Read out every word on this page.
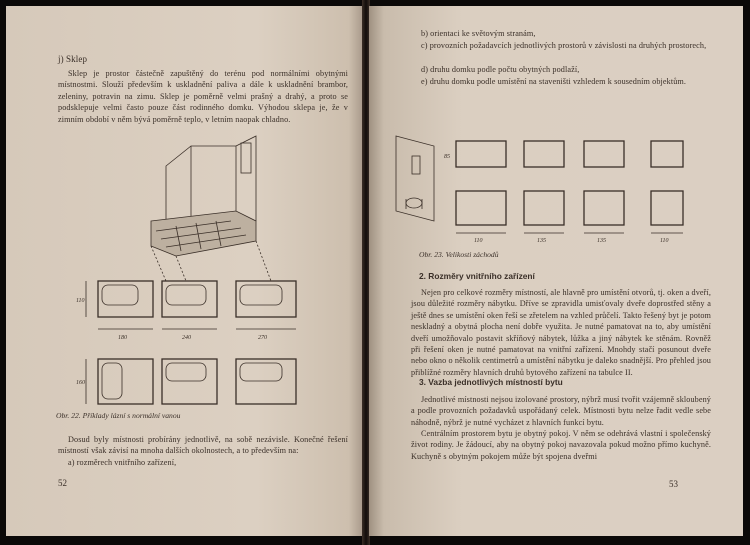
j) Sklep
Sklep je prostor částečně zapuštěný do terénu pod normálními obytnými místnostmi. Slouží především k uskladnění paliva a dále k uskladnění brambor, zeleniny, potravin na zimu. Sklep je poměrně velmi prašný a drahý, a proto se podsklepuje velmi často pouze část rodinného domku. Výhodou sklepa je, že v zimním období v něm bývá poměrně teplo, v letním naopak chladno.
180	240	270
110
160
Obr. 22. Příklady lázní s normální vanou
Dosud byly místnosti probírány jednotlivě, na sobě nezávisle. Konečné řešení místností však závisí na mnoha dalších okolnostech, a to především na:
a) rozměrech vnitřního zařízení,
52
b) orientaci ke světovým stranám,
c) provozních požadavcích jednotlivých prostorů v závislosti na druhých prostorech,
d) druhu domku podle počtu obytných podlaží,
e) druhu domku podle umístění na staveništi vzhledem k sousedním objektům.
85
110	135	135	110
Obr. 23. Velikosti záchodů
2. Rozměry vnitřního zařízení
Nejen pro celkové rozměry místností, ale hlavně pro umístění otvorů, tj. oken a dveří, jsou důležité rozměry nábytku. Dříve se zpravidla umisťovaly dveře doprostřed stěny a ještě dnes se umístění oken řeší se zřetelem na vzhled průčelí. Takto řešený byt je potom neskladný a obytná plocha není dobře využita. Je nutné pamatovat na to, aby umístění dveří umožňovalo postavit skříňový nábytek, lůžka a jiný nábytek ke stěnám. Rovněž při řešení oken je nutné pamatovat na vnitřní zařízení. Mnohdy stačí posunout dveře nebo okno o několik centimetrů a umístění nábytku je daleko snadnější. Pro přehled jsou přiblížné rozměry hlavních druhů bytového zařízení na tabulce II.
3. Vazba jednotlivých místností bytu
Jednotlivé místnosti nejsou izolované prostory, nýbrž musí tvořit vzájemně skloubený a podle provozních požadavků uspořádaný celek. Místnosti bytu nelze řadit vedle sebe náhodně, nýbrž je nutné vycházet z hlavních funkcí bytu.
Centrálním prostorem bytu je obytný pokoj. V něm se odehrává vlastní i společenský život rodiny. Je žádoucí, aby na obytný pokoj navazovala pokud možno přímo kuchyně. Kuchyně s obytným pokojem může být spojena dveřmi
53
